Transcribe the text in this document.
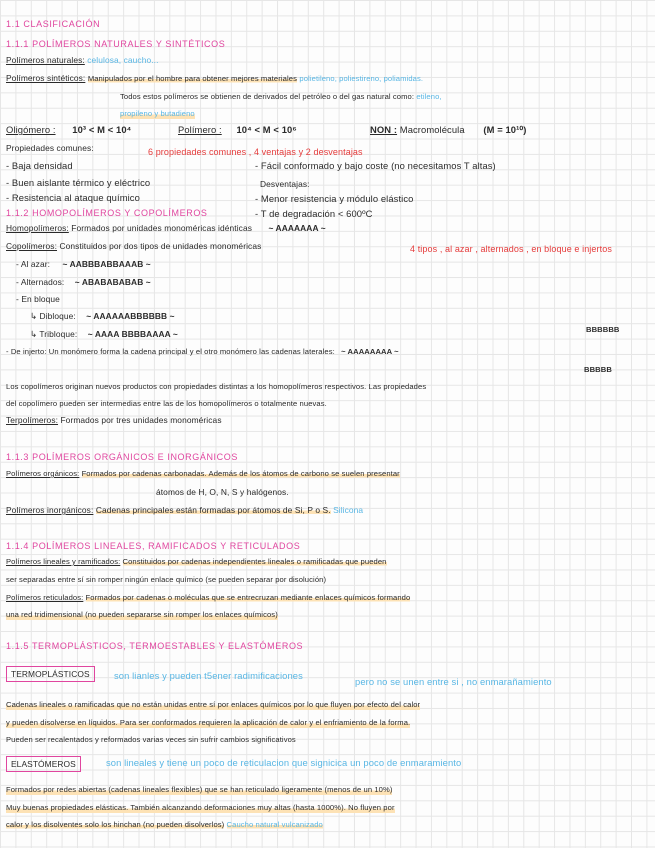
1.1 CLASIFICACIÓN
1.1.1 POLÍMEROS NATURALES Y SINTÉTICOS
Polímeros naturales: celulosa, caucho...
Polímeros sintéticos: Manipulados por el hombre para obtener mejores materiales polietileno, poliestireno, poliamidas.
Todos estos polímeros se obtienen de derivados del petróleo o del gas natural como: etileno,
propileno y butadieno
Oligómero : 10³ < M < 10⁴	Polímero : 10⁴ < M < 10⁶	NON : Macromolécula (M = 10¹⁰)
Propiedades comunes:	6 propiedades comunes , 4 ventajas y 2 desventajas
- Baja densidad
- Buen aislante térmico y eléctrico
- Resistencia al ataque químico
- Fácil conformado y bajo coste (no necesitamos T altas)
Desventajas:
- Menor resistencia y módulo elástico
- T de degradación < 600ºC
1.1.2 HOMOPOLÍMEROS Y COPOLÍMEROS
Homopolímeros: Formados por unidades monoméricas idénticas ~ AAAAAAA ~
Copolímeros: Constituidos por dos tipos de unidades monoméricas	4 tipos , al azar , alternados , en bloque e injertos
- Al azar: ~ AABBBABBAAAB ~
- Alternados: ~ ABABABABAB ~
- En bloque
↳ Dibloque: ~ AAAAAABBBBBB ~
↳ Tribloque: ~ AAAA BBBBAAAA ~	BBBBBB
- De injerto: Un monómero forma la cadena principal y el otro monómero las cadenas laterales: ~ AAAAAAAA ~
BBBBB
Los copolímeros originan nuevos productos con propiedades distintas a los homopolímeros respectivos. Las propiedades
del copolímero pueden ser intermedias entre las de los homopolímeros o totalmente nuevas.
Terpolímeros: Formados por tres unidades monoméricas
1.1.3 POLÍMEROS ORGÁNICOS E INORGÁNICOS
Polímeros orgánicos: Formados por cadenas carbonadas. Además de los átomos de carbono se suelen presentar
átomos de H, O, N, S y halógenos.
Polímeros inorgánicos: Cadenas principales están formadas por átomos de Si, P o S. Silicona
1.1.4 POLÍMEROS LINEALES, RAMIFICADOS Y RETICULADOS
Polímeros lineales y ramificados: Constituidos por cadenas independientes lineales o ramificadas que pueden
ser separadas entre sí sin romper ningún enlace químico (se pueden separar por disolución)
Polímeros reticulados: Formados por cadenas o moléculas que se entrecruzan mediante enlaces químicos formando
una red tridimensional (no pueden separarse sin romper los enlaces químicos)
1.1.5 TERMOPLÁSTICOS, TERMOESTABLES Y ELASTÓMEROS
TERMOPLÁSTICOS	son lianles y pueden t5ener radimificaciones
pero no se unen entre si , no enmarañamiento
Cadenas lineales o ramificadas que no están unidas entre sí por enlaces químicos por lo que fluyen por efecto del calor
y pueden disolverse en líquidos. Para ser conformados requieren la aplicación de calor y el enfriamiento de la forma.
Pueden ser recalentados y reformados varias veces sin sufrir cambios significativos
ELASTÓMEROS	son lineales y tiene un poco de reticulacion que signicica un poco de enmaramiento
Formados por redes abiertas (cadenas lineales flexibles) que se han reticulado ligeramente (menos de un 10%)
Muy buenas propiedades elásticas. También alcanzando deformaciones muy altas (hasta 1000%). No fluyen por
calor y los disolventes solo los hinchan (no pueden disolverlos) Caucho natural vulcanizado
